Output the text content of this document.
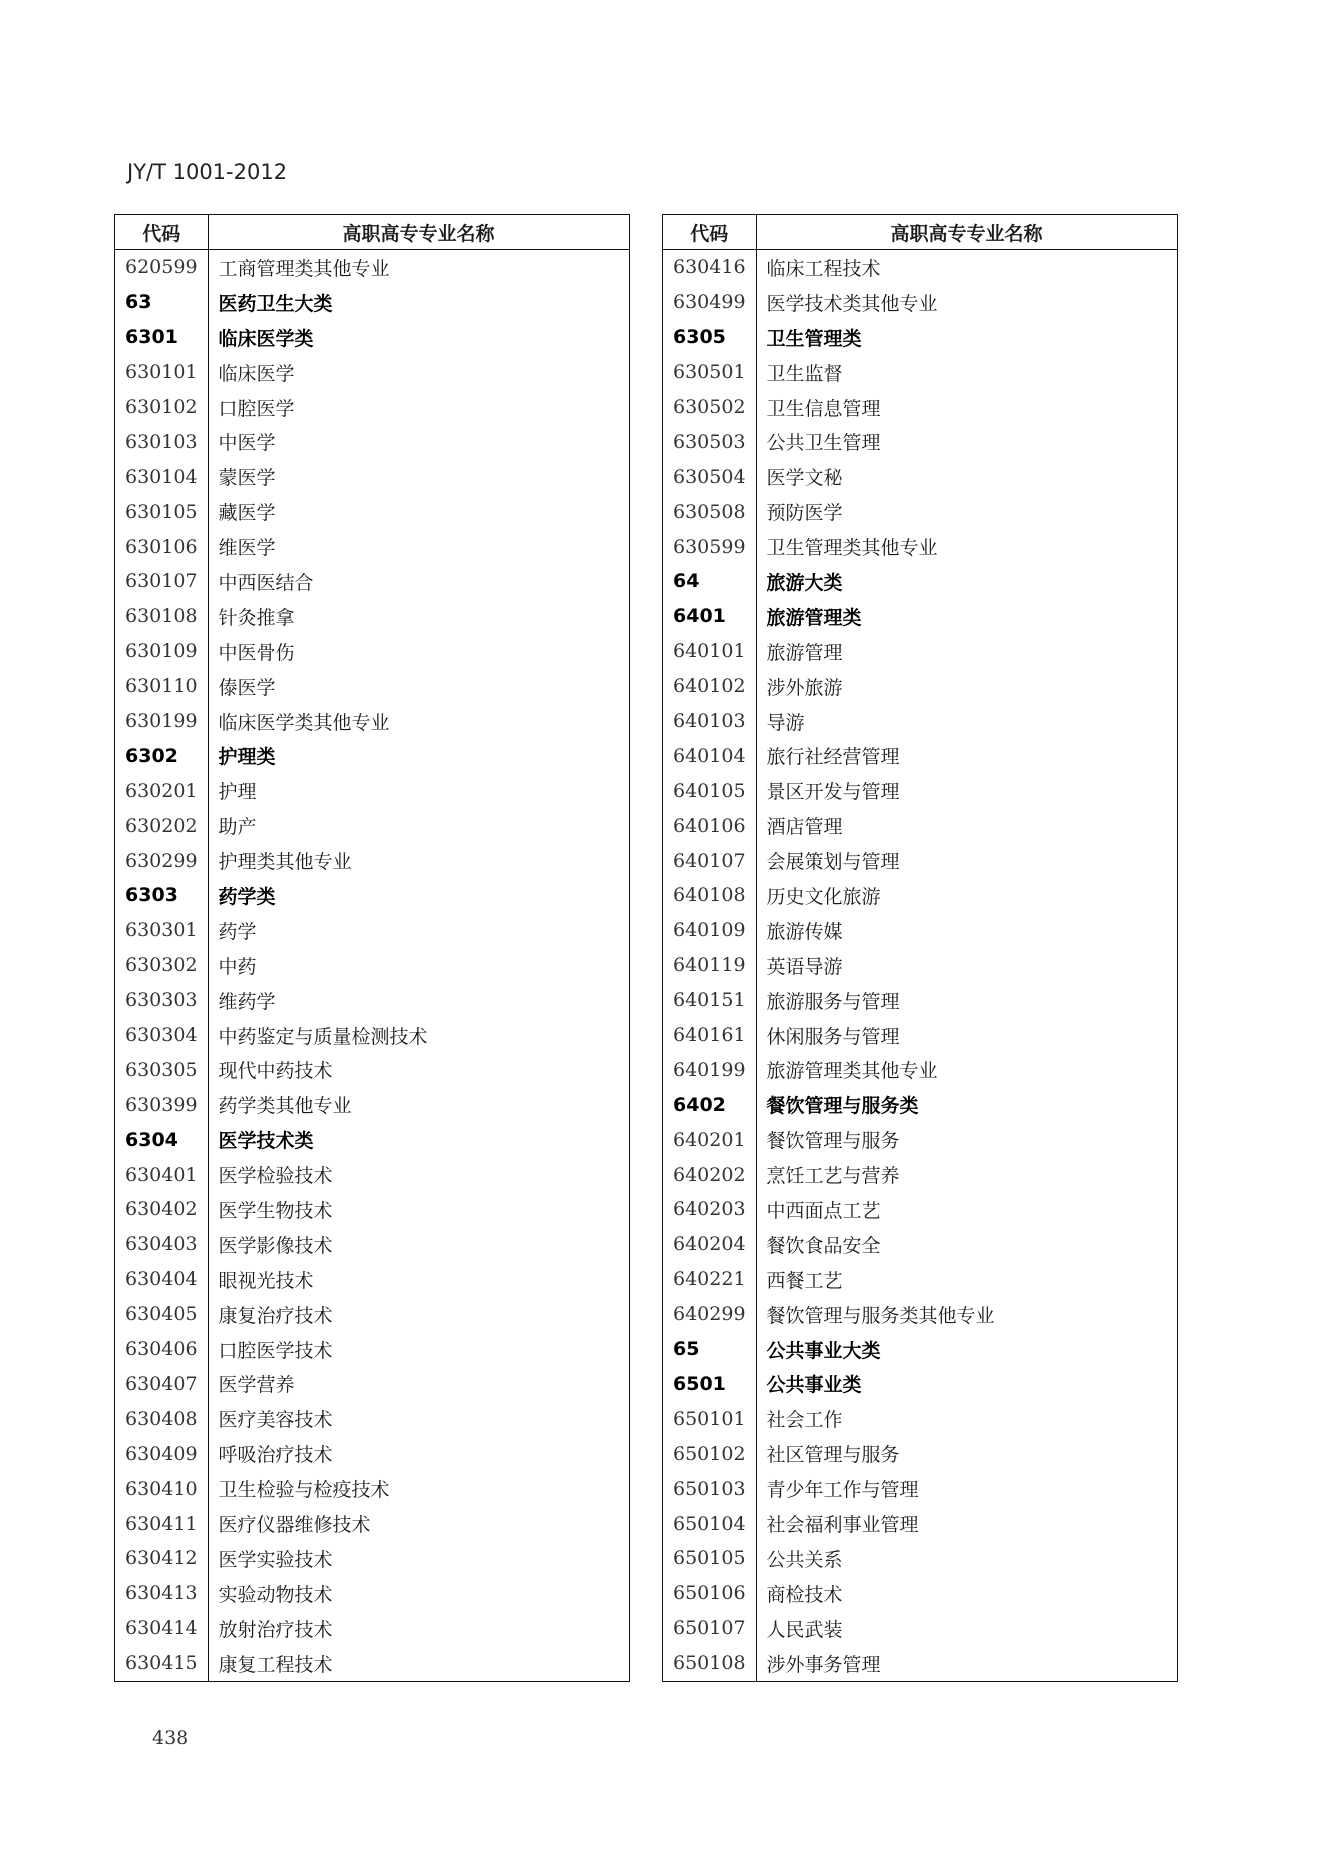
JY/T 1001-2012
代码	高职高专专业名称
620599	工商管理类其他专业
63	医药卫生大类
6301	临床医学类
630101	临床医学
630102	口腔医学
630103	中医学
630104	蒙医学
630105	藏医学
630106	维医学
630107	中西医结合
630108	针灸推拿
630109	中医骨伤
630110	傣医学
630199	临床医学类其他专业
6302	护理类
630201	护理
630202	助产
630299	护理类其他专业
6303	药学类
630301	药学
630302	中药
630303	维药学
630304	中药鉴定与质量检测技术
630305	现代中药技术
630399	药学类其他专业
6304	医学技术类
630401	医学检验技术
630402	医学生物技术
630403	医学影像技术
630404	眼视光技术
630405	康复治疗技术
630406	口腔医学技术
630407	医学营养
630408	医疗美容技术
630409	呼吸治疗技术
630410	卫生检验与检疫技术
630411	医疗仪器维修技术
630412	医学实验技术
630413	实验动物技术
630414	放射治疗技术
630415	康复工程技术
代码	高职高专专业名称
630416	临床工程技术
630499	医学技术类其他专业
6305	卫生管理类
630501	卫生监督
630502	卫生信息管理
630503	公共卫生管理
630504	医学文秘
630508	预防医学
630599	卫生管理类其他专业
64	旅游大类
6401	旅游管理类
640101	旅游管理
640102	涉外旅游
640103	导游
640104	旅行社经营管理
640105	景区开发与管理
640106	酒店管理
640107	会展策划与管理
640108	历史文化旅游
640109	旅游传媒
640119	英语导游
640151	旅游服务与管理
640161	休闲服务与管理
640199	旅游管理类其他专业
6402	餐饮管理与服务类
640201	餐饮管理与服务
640202	烹饪工艺与营养
640203	中西面点工艺
640204	餐饮食品安全
640221	西餐工艺
640299	餐饮管理与服务类其他专业
65	公共事业大类
6501	公共事业类
650101	社会工作
650102	社区管理与服务
650103	青少年工作与管理
650104	社会福利事业管理
650105	公共关系
650106	商检技术
650107	人民武装
650108	涉外事务管理
438
